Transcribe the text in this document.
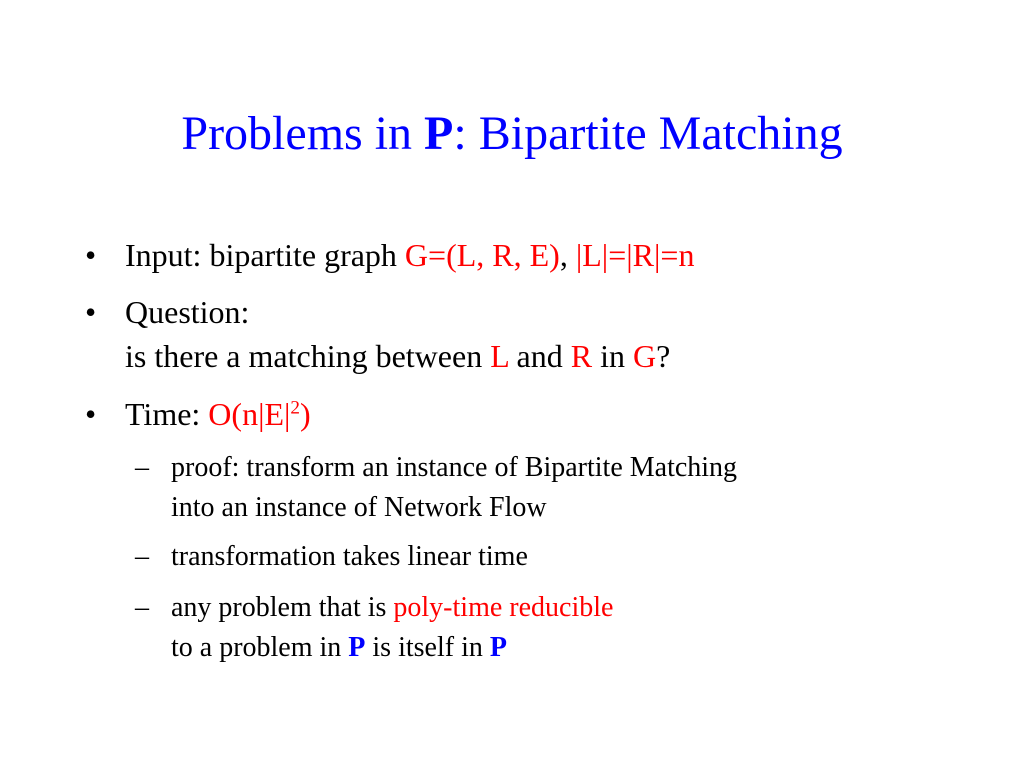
Problems in P: Bipartite Matching
• Input: bipartite graph G=(L, R, E), |L|=|R|=n
• Question:
is there a matching between L and R in G?
• Time: $O(n|E|^2)$
– proof: transform an instance of Bipartite Matching
into an instance of Network Flow
– transformation takes linear time
– any problem that is poly-time reducible
to a problem in P is itself in P
